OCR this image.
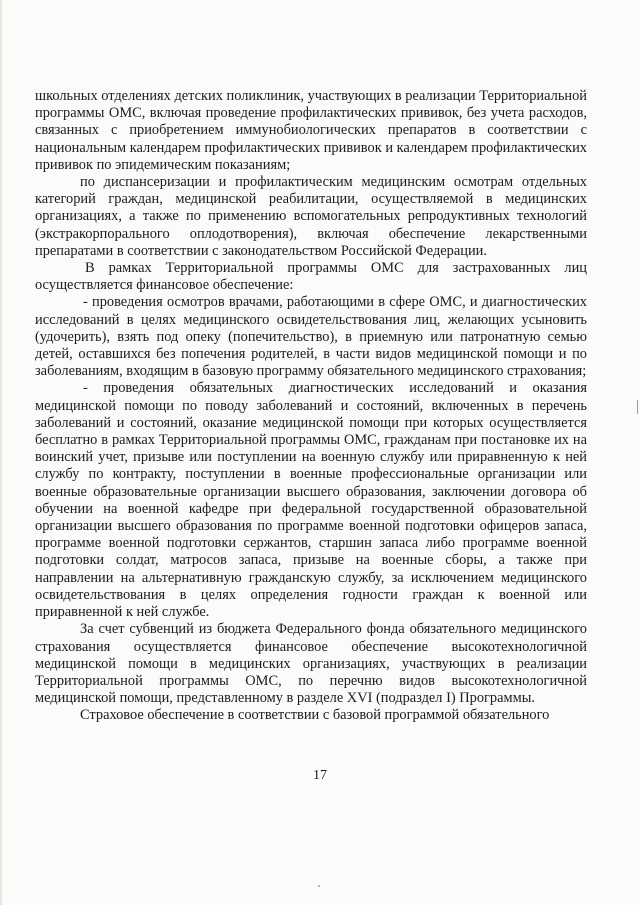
школьных отделениях детских поликлиник, участвующих в реализации Территориальной программы ОМС, включая проведение профилактических прививок, без учета расходов, связанных с приобретением иммунобиологических препаратов в соответствии с национальным календарем профилактических прививок и календарем профилактических прививок по эпидемическим показаниям;

по диспансеризации и профилактическим медицинским осмотрам отдельных категорий граждан, медицинской реабилитации, осуществляемой в медицинских организациях, а также по применению вспомогательных репродуктивных технологий (экстракорпорального оплодотворения), включая обеспечение лекарственными препаратами в соответствии с законодательством Российской Федерации.

В рамках Территориальной программы ОМС для застрахованных лиц осуществляется финансовое обеспечение:

- проведения осмотров врачами, работающими в сфере ОМС, и диагностических исследований в целях медицинского освидетельствования лиц, желающих усыновить (удочерить), взять под опеку (попечительство), в приемную или патронатную семью детей, оставшихся без попечения родителей, в части видов медицинской помощи и по заболеваниям, входящим в базовую программу обязательного медицинского страхования;

- проведения обязательных диагностических исследований и оказания медицинской помощи по поводу заболеваний и состояний, включенных в перечень заболеваний и состояний, оказание медицинской помощи при которых осуществляется бесплатно в рамках Территориальной программы ОМС, гражданам при постановке их на воинский учет, призыве или поступлении на военную службу или приравненную к ней службу по контракту, поступлении в военные профессиональные организации или военные образовательные организации высшего образования, заключении договора об обучении на военной кафедре при федеральной государственной образовательной организации высшего образования по программе военной подготовки офицеров запаса, программе военной подготовки сержантов, старшин запаса либо программе военной подготовки солдат, матросов запаса, призыве на военные сборы, а также при направлении на альтернативную гражданскую службу, за исключением медицинского освидетельствования в целях определения годности граждан к военной или приравненной к ней службе.

За счет субвенций из бюджета Федерального фонда обязательного медицинского страхования осуществляется финансовое обеспечение высокотехнологичной медицинской помощи в медицинских организациях, участвующих в реализации Территориальной программы ОМС, по перечню видов высокотехнологичной медицинской помощи, представленному в разделе XVI (подраздел I) Программы.

Страховое обеспечение в соответствии с базовой программой обязательного

17
